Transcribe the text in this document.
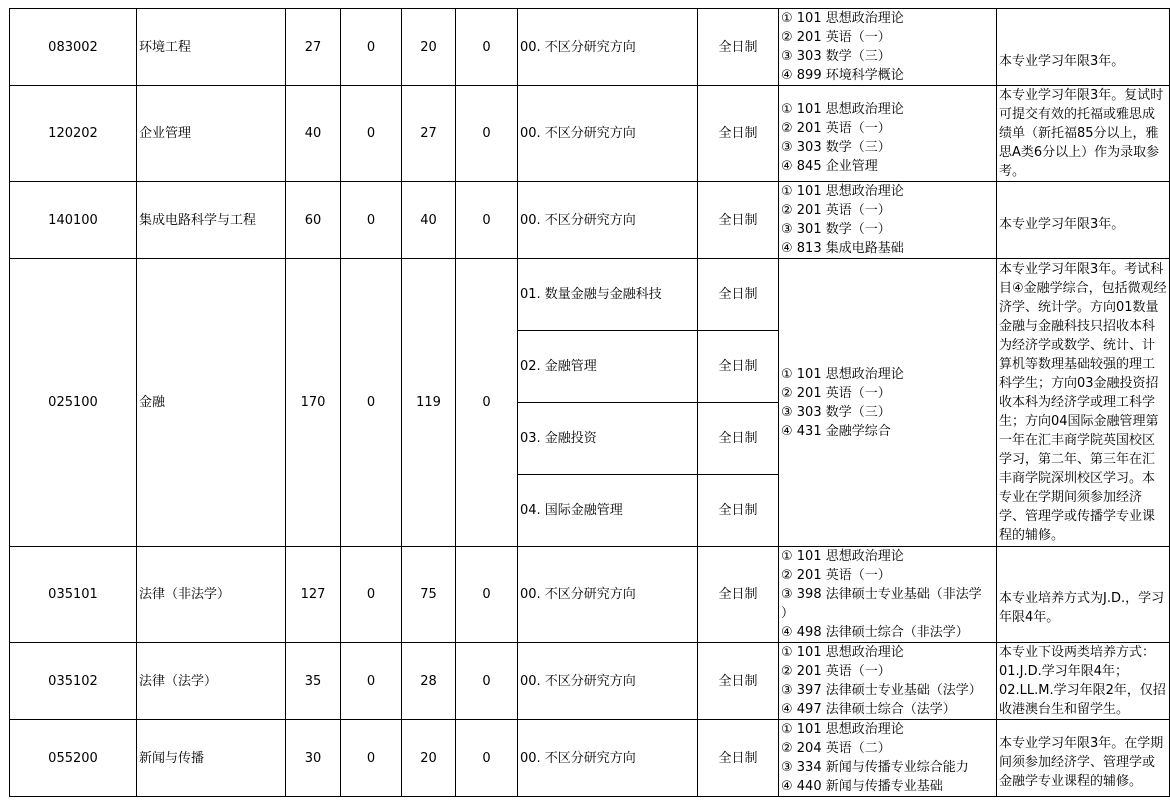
083002	环境工程	27	0	20	0	00. 不区分研究方向	全日制	① 101 思想政治理论
② 201 英语（一）
③ 303 数学（三）
④ 899 环境科学概论	本专业学习年限3年。
120202	企业管理	40	0	27	0	00. 不区分研究方向	全日制	① 101 思想政治理论
② 201 英语（一）
③ 303 数学（三）
④ 845 企业管理	本专业学习年限3年。复试时可提交有效的托福或雅思成绩单（新托福85分以上，雅思A类6分以上）作为录取参考。
140100	集成电路科学与工程	60	0	40	0	00. 不区分研究方向	全日制	① 101 思想政治理论
② 201 英语（一）
③ 301 数学（一）
④ 813 集成电路基础	本专业学习年限3年。
025100	金融	170	0	119	0	01. 数量金融与金融科技	全日制	① 101 思想政治理论
② 201 英语（一）
③ 303 数学（三）
④ 431 金融学综合	本专业学习年限3年。考试科目④金融学综合，包括微观经济学、统计学。方向01数量金融与金融科技只招收本科为经济学或数学、统计、计算机等数理基础较强的理工科学生；方向03金融投资招收本科为经济学或理工科学生；方向04国际金融管理第一年在汇丰商学院英国校区学习，第二年、第三年在汇丰商学院深圳校区学习。本专业在学期间须参加经济学、管理学或传播学专业课程的辅修。
						02. 金融管理	全日制		
						03. 金融投资	全日制		
						04. 国际金融管理	全日制		
035101	法律（非法学）	127	0	75	0	00. 不区分研究方向	全日制	① 101 思想政治理论
② 201 英语（一）
③ 398 法律硕士专业基础（非法学
）
④ 498 法律硕士综合（非法学）	本专业培养方式为J.D.，学习年限4年。
035102	法律（法学）	35	0	28	0	00. 不区分研究方向	全日制	① 101 思想政治理论
② 201 英语（一）
③ 397 法律硕士专业基础（法学）
④ 497 法律硕士综合（法学）	本专业下设两类培养方式：01.J.D.学习年限4年；02.LL.M.学习年限2年，仅招收港澳台生和留学生。
055200	新闻与传播	30	0	20	0	00. 不区分研究方向	全日制	① 101 思想政治理论
② 204 英语（二）
③ 334 新闻与传播专业综合能力
④ 440 新闻与传播专业基础	本专业学习年限3年。在学期间须参加经济学、管理学或金融学专业课程的辅修。
